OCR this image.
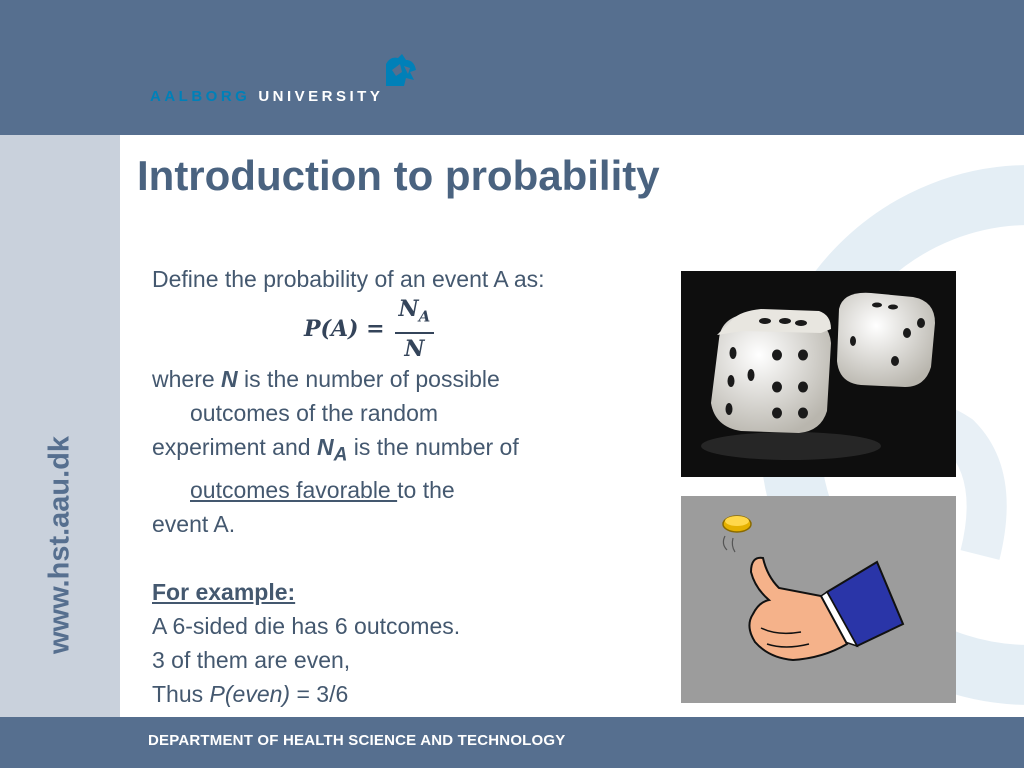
AALBORG UNIVERSITY
www.hst.aau.dk
Introduction to probability

Define the probability of an event A as:

$P(A) = \frac{N_A}{N}$

where N is the number of possible

outcomes of the random

experiment and $N_A$ is the number of

outcomes favorable to the

event A.

For example:

A 6-sided die has 6 outcomes.

3 of them are even,

Thus P(even) = 3/6

DEPARTMENT OF HEALTH SCIENCE AND TECHNOLOGY
